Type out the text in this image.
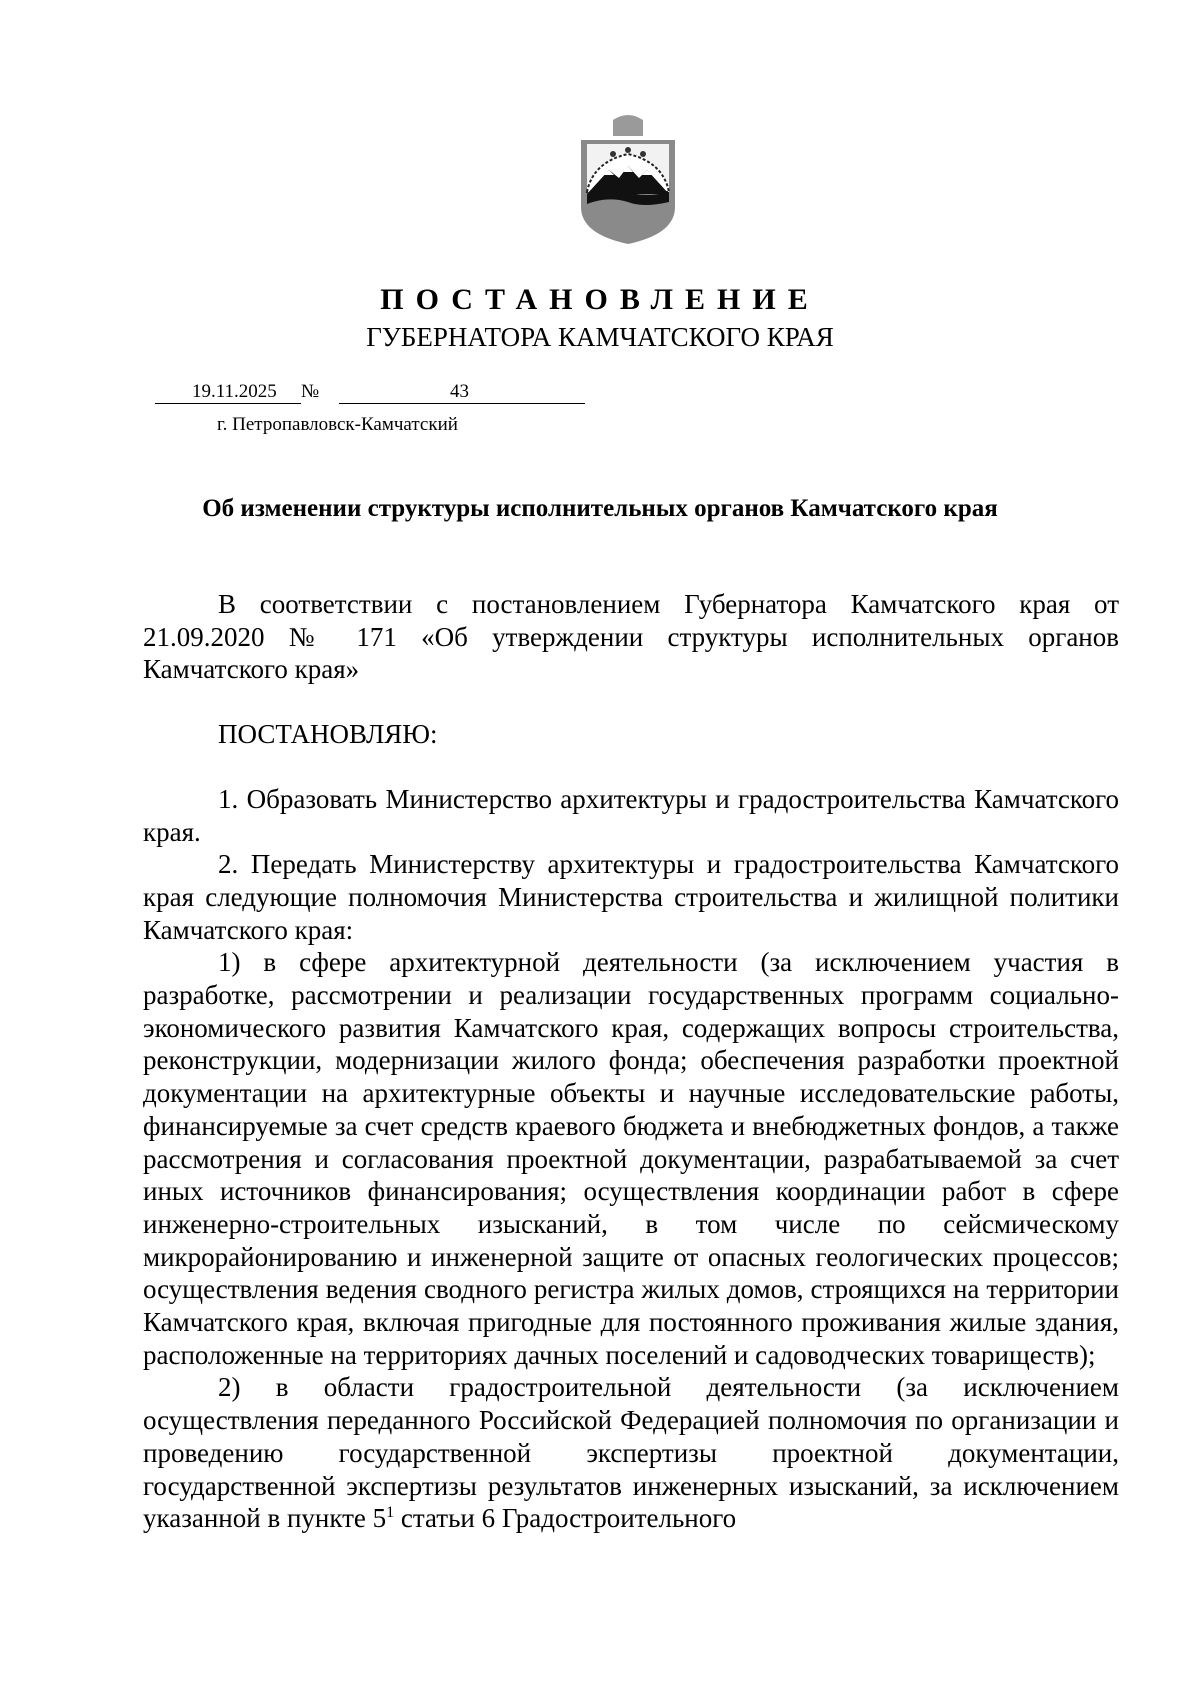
ПОСТАНОВЛЕНИЕ
ГУБЕРНАТОРА КАМЧАТСКОГО КРАЯ
19.11.2025 №	43
г. Петропавловск-Камчатский
Об изменении структуры исполнительных органов Камчатского края

В соответствии с постановлением Губернатора Камчатского края от 21.09.2020 № 171 «Об утверждении структуры исполнительных органов Камчатского края»

ПОСТАНОВЛЯЮ:

1. Образовать Министерство архитектуры и градостроительства Камчатского края.

2. Передать Министерству архитектуры и градостроительства Камчатского края следующие полномочия Министерства строительства и жилищной политики Камчатского края:

1) в сфере архитектурной деятельности (за исключением участия в разработке, рассмотрении и реализации государственных программ социально-экономического развития Камчатского края, содержащих вопросы строительства, реконструкции, модернизации жилого фонда; обеспечения разработки проектной документации на архитектурные объекты и научные исследовательские работы, финансируемые за счет средств краевого бюджета и внебюджетных фондов, а также рассмотрения и согласования проектной документации, разрабатываемой за счет иных источников финансирования; осуществления координации работ в сфере инженерно-строительных изысканий, в том числе по сейсмическому микрорайонированию и инженерной защите от опасных геологических процессов; осуществления ведения сводного регистра жилых домов, строящихся на территории Камчатского края, включая пригодные для постоянного проживания жилые здания, расположенные на территориях дачных поселений и садоводческих товариществ);

2) в области градостроительной деятельности (за исключением осуществления переданного Российской Федерацией полномочия по организации и проведению государственной экспертизы проектной документации, государственной экспертизы результатов инженерных изысканий, за исключением указанной в пункте $5^1$ статьи 6 Градостроительного
